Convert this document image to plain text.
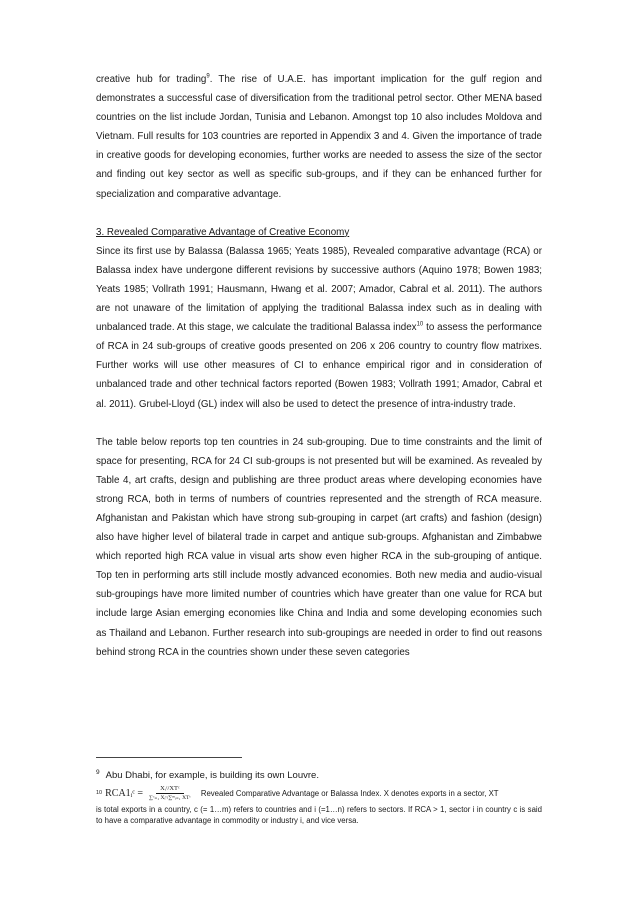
creative hub for trading$^9$. The rise of U.A.E. has important implication for the gulf region and demonstrates a successful case of diversification from the traditional petrol sector. Other MENA based countries on the list include Jordan, Tunisia and Lebanon. Amongst top 10 also includes Moldova and Vietnam. Full results for 103 countries are reported in Appendix 3 and 4. Given the importance of trade in creative goods for developing economies, further works are needed to assess the size of the sector and finding out key sector as well as specific sub-groups, and if they can be enhanced further for specialization and comparative advantage.

3. Revealed Comparative Advantage of Creative Economy

Since its first use by Balassa (Balassa 1965; Yeats 1985), Revealed comparative advantage (RCA) or Balassa index have undergone different revisions by successive authors (Aquino 1978; Bowen 1983; Yeats 1985; Vollrath 1991; Hausmann, Hwang et al. 2007; Amador, Cabral et al. 2011). The authors are not unaware of the limitation of applying the traditional Balassa index such as in dealing with unbalanced trade. At this stage, we calculate the traditional Balassa index$^{10}$ to assess the performance of RCA in 24 sub-groups of creative goods presented on 206 x 206 country to country flow matrixes. Further works will use other measures of CI to enhance empirical rigor and in consideration of unbalanced trade and other technical factors reported (Bowen 1983; Vollrath 1991; Amador, Cabral et al. 2011). Grubel-Lloyd (GL) index will also be used to detect the presence of intra-industry trade.

The table below reports top ten countries in 24 sub-grouping. Due to time constraints and the limit of space for presenting, RCA for 24 CI sub-groups is not presented but will be examined. As revealed by Table 4, art crafts, design and publishing are three product areas where developing economies have strong RCA, both in terms of numbers of countries represented and the strength of RCA measure. Afghanistan and Pakistan which have strong sub-grouping in carpet (art crafts) and fashion (design) also have higher level of bilateral trade in carpet and antique sub-groups. Afghanistan and Zimbabwe which reported high RCA value in visual arts show even higher RCA in the sub-grouping of antique. Top ten in performing arts still include mostly advanced economies. Both new media and audio-visual sub-groupings have more limited number of countries which have greater than one value for RCA but include large Asian emerging economies like China and India and some developing economies such as Thailand and Lebanon. Further research into sub-groupings are needed in order to find out reasons behind strong RCA in the countries shown under these seven categories

$^9$ Abu Dhabi, for example, is building its own Louvre.
10 RCA1ᵢᶜ = $\frac{\text{Xᵢᶜ/XTᶜ}}{\text{∑ᶜ₌₁ Xᵢᶜ/∑ᵐᵢ₌₁ XTᶜ}}$ Revealed Comparative Advantage or Balassa Index. X denotes exports in a sector, XT
is total exports in a country, c (= 1…m) refers to countries and i (=1…n) refers to sectors. If RCA > 1, sector i in country c is said to have a comparative advantage in commodity or industry i, and vice versa.
